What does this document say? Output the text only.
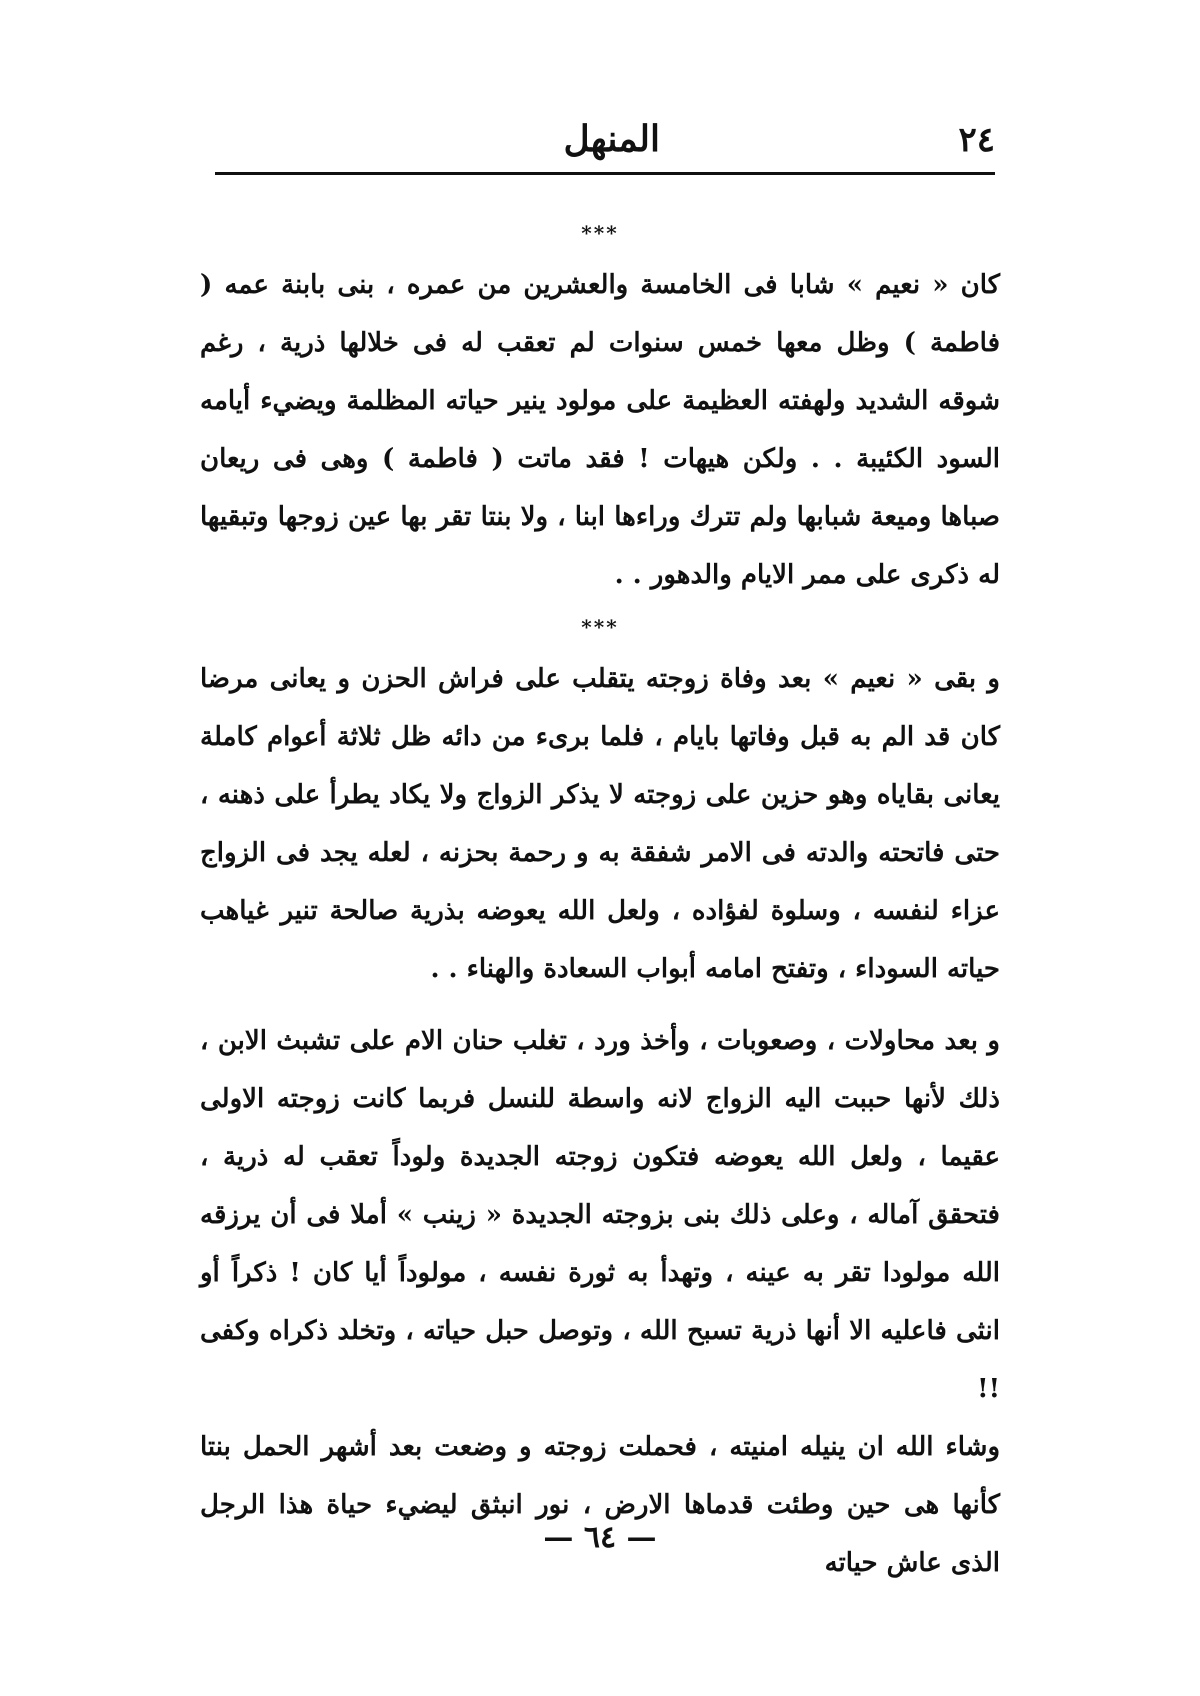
٢٤
المنهل
***

كان « نعيم » شابا فى الخامسة والعشرين من عمره ، بنى بابنة عمه ( فاطمة ) وظل معها خمس سنوات لم تعقب له فى خلالها ذرية ، رغم شوقه الشديد ولهفته العظيمة على مولود ينير حياته المظلمة ويضيء أيامه السود الكئيبة . . ولكن هيهات ! فقد ماتت ( فاطمة ) وهى فى ريعان صباها وميعة شبابها ولم تترك وراءها ابنا ، ولا بنتا تقر بها عين زوجها وتبقيها له ذكرى على ممر الايام والدهور . .

***

و بقى « نعيم » بعد وفاة زوجته يتقلب على فراش الحزن و يعانى مرضا كان قد الم به قبل وفاتها بايام ، فلما برىء من دائه ظل ثلاثة أعوام كاملة يعانى بقاياه وهو حزين على زوجته لا يذكر الزواج ولا يكاد يطرأ على ذهنه ، حتى فاتحته والدته فى الامر شفقة به و رحمة بحزنه ، لعله يجد فى الزواج عزاء لنفسه ، وسلوة لفؤاده ، ولعل الله يعوضه بذرية صالحة تنير غياهب حياته السوداء ، وتفتح امامه أبواب السعادة والهناء . .

و بعد محاولات ، وصعوبات ، وأخذ ورد ، تغلب حنان الام على تشبث الابن ، ذلك لأنها حببت اليه الزواج لانه واسطة للنسل فربما كانت زوجته الاولى عقيما ، ولعل الله يعوضه فتكون زوجته الجديدة ولوداً تعقب له ذرية ، فتحقق آماله ، وعلى ذلك بنى بزوجته الجديدة « زينب » أملا فى أن يرزقه الله مولودا تقر به عينه ، وتهدأ به ثورة نفسه ، مولوداً أيا كان ! ذكراً أو انثى فاعليه الا أنها ذرية تسبح الله ، وتوصل حبل حياته ، وتخلد ذكراه وكفى !!

وشاء الله ان ينيله امنيته ، فحملت زوجته و وضعت بعد أشهر الحمل بنتا كأنها هى حين وطئت قدماها الارض ، نور انبثق ليضيء حياة هذا الرجل الذى عاش حياته

— ٦٤ —
